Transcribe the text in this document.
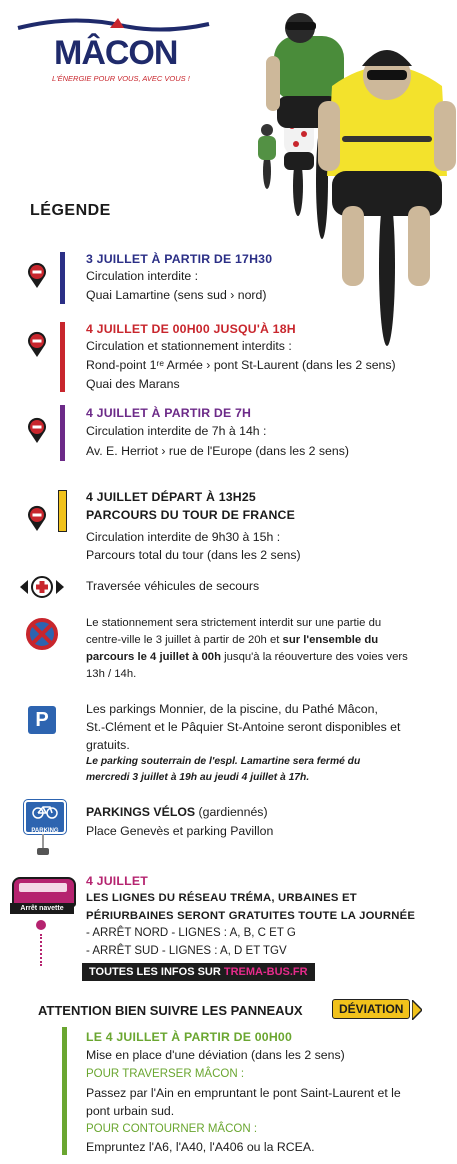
MÂCON
L'ÉNERGIE POUR VOUS, AVEC VOUS !
LÉGENDE
3 JUILLET À PARTIR DE 17H30
Circulation interdite :
Quai Lamartine (sens sud › nord)
4 JUILLET DE 00H00 JUSQU'À 18H
Circulation et stationnement interdits :
Rond-point 1ʳᵉ Armée › pont St-Laurent (dans les 2 sens)
Quai des Marans
4 JUILLET À PARTIR DE 7H
Circulation interdite de 7h à 14h :
Av. E. Herriot › rue de l'Europe (dans les 2 sens)
4 JUILLET DÉPART À 13H25
PARCOURS DU TOUR DE FRANCE
Circulation interdite de 9h30 à 15h :
Parcours total du tour (dans les 2 sens)
Traversée véhicules de secours
Le stationnement sera strictement interdit sur une partie du
centre-ville le 3 juillet à partir de 20h et sur l'ensemble du
parcours le 4 juillet à 00h jusqu'à la réouverture des voies vers
13h / 14h.
P	Les parkings Monnier, de la piscine, du Pathé Mâcon,
St.-Clément et le Pâquier St-Antoine seront disponibles et
gratuits.
Le parking souterrain de l'espl. Lamartine sera fermé du
mercredi 3 juillet à 19h au jeudi 4 juillet à 17h.
PARKING
PARKINGS VÉLOS (gardiennés)
Place Genevès et parking Pavillon
Arrêt navette
4 JUILLET
LES LIGNES DU RÉSEAU TRÉMA, URBAINES ET
PÉRIURBAINES SERONT GRATUITES TOUTE LA JOURNÉE
- ARRÊT NORD - LIGNES : A, B, C ET G
- ARRÊT SUD - LIGNES : A, D ET TGV
TOUTES LES INFOS SUR TREMA-BUS.FR
ATTENTION BIEN SUIVRE LES PANNEAUX	DÉVIATION
LE 4 JUILLET À PARTIR DE 00H00
Mise en place d'une déviation (dans les 2 sens)
POUR TRAVERSER MÂCON :
Passez par l'Ain en empruntant le pont Saint-Laurent et le
pont urbain sud.
POUR CONTOURNER MÂCON :
Empruntez l'A6, l'A40, l'A406 ou la RCEA.
